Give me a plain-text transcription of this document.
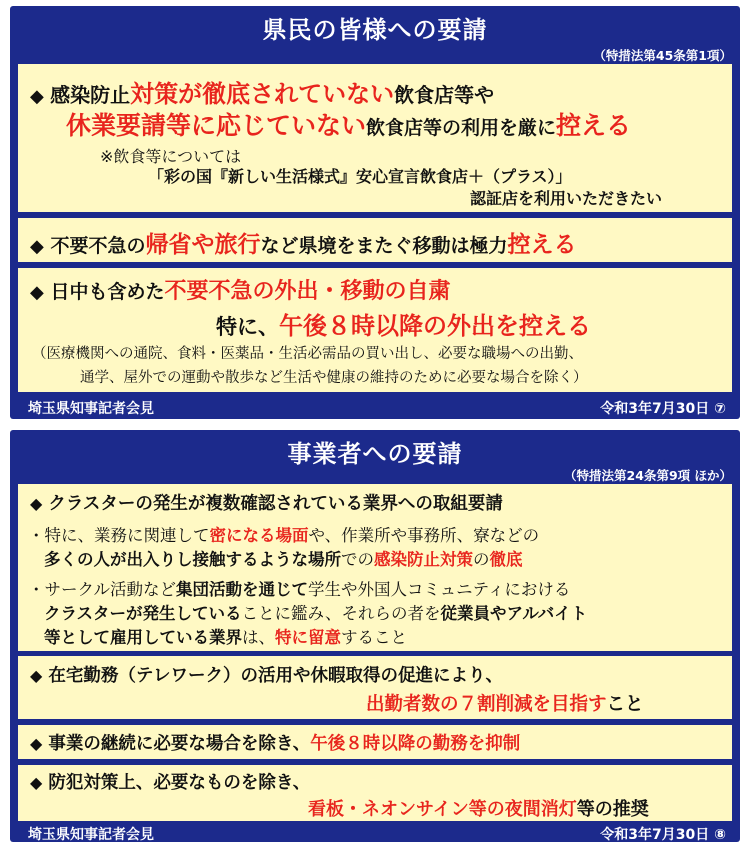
県民の皆様への要請
（特措法第45条第1項）
◆ 感染防止対策が徹底されていない飲食店等や
休業要請等に応じていない飲食店等の利用を厳に控える
※飲食等については
「彩の国『新しい生活様式』安心宣言飲食店＋（プラス）」
認証店を利用いただきたい
◆ 不要不急の帰省や旅行など県境をまたぐ移動は極力控える
◆ 日中も含めた不要不急の外出・移動の自粛
特に、午後８時以降の外出を控える
（医療機関への通院、食料・医薬品・生活必需品の買い出し、必要な職場への出勤、
通学、屋外での運動や散歩など生活や健康の維持のために必要な場合を除く）
埼玉県知事記者会見	令和3年7月30日 ⑦
事業者への要請
（特措法第24条第9項 ほか）
◆ クラスターの発生が複数確認されている業界への取組要請
・特に、業務に関連して密になる場面や、作業所や事務所、寮などの
多くの人が出入りし接触するような場所での感染防止対策の徹底
・サークル活動など集団活動を通じて学生や外国人コミュニティにおける
クラスターが発生していることに鑑み、それらの者を従業員やアルバイト
等として雇用している業界は、特に留意すること
◆ 在宅勤務（テレワーク）の活用や休暇取得の促進により、
出勤者数の７割削減を目指すこと
◆ 事業の継続に必要な場合を除き、午後８時以降の勤務を抑制
◆ 防犯対策上、必要なものを除き、
看板・ネオンサイン等の夜間消灯等の推奨
埼玉県知事記者会見	令和3年7月30日 ⑧
